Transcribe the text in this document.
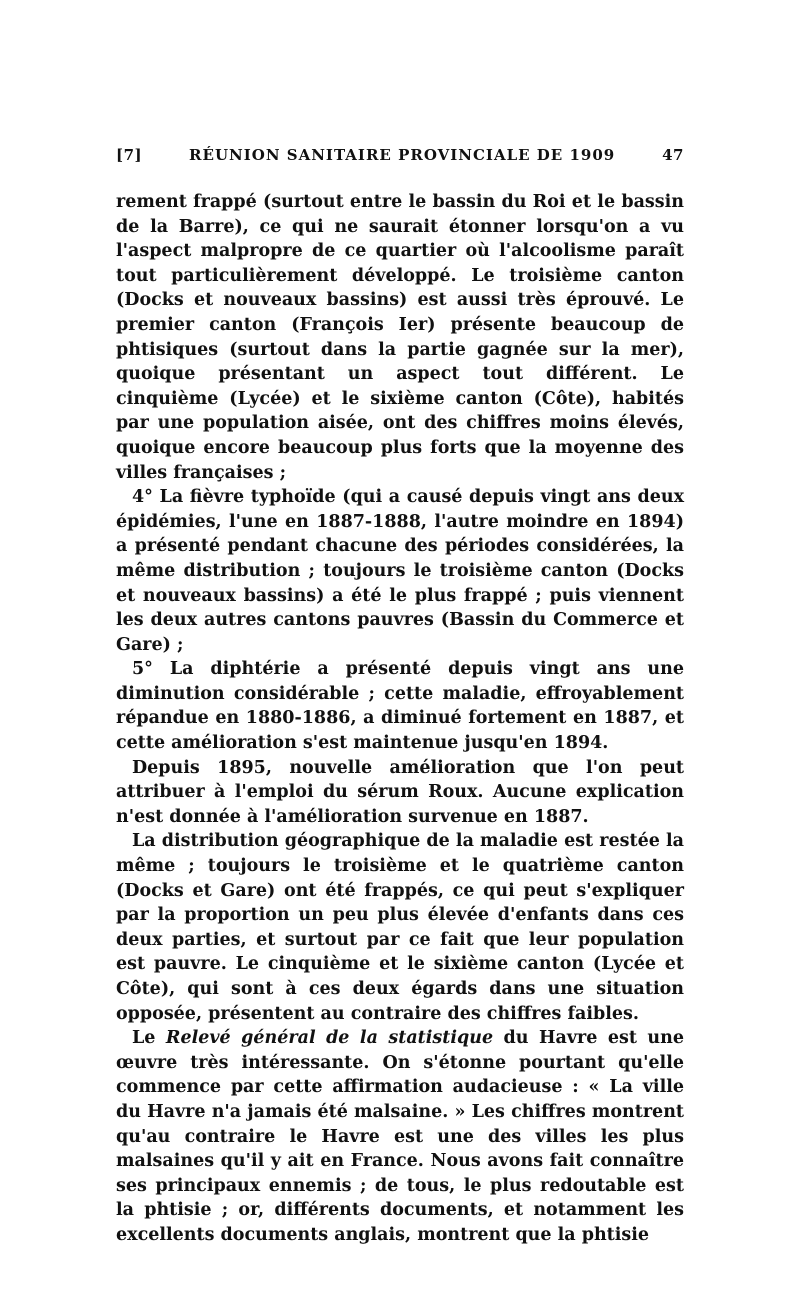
[7]	RÉUNION SANITAIRE PROVINCIALE DE 1909	47

rement frappé (surtout entre le bassin du Roi et le bassin de la Barre), ce qui ne saurait étonner lorsqu'on a vu l'aspect malpropre de ce quartier où l'alcoolisme paraît tout particulièrement développé. Le troisième canton (Docks et nouveaux bassins) est aussi très éprouvé. Le premier canton (François Ier) présente beaucoup de phtisiques (surtout dans la partie gagnée sur la mer), quoique présentant un aspect tout différent. Le cinquième (Lycée) et le sixième canton (Côte), habités par une population aisée, ont des chiffres moins élevés, quoique encore beaucoup plus forts que la moyenne des villes françaises ;

4° La fièvre typhoïde (qui a causé depuis vingt ans deux épidémies, l'une en 1887-1888, l'autre moindre en 1894) a présenté pendant chacune des périodes considérées, la même distribution ; toujours le troisième canton (Docks et nouveaux bassins) a été le plus frappé ; puis viennent les deux autres cantons pauvres (Bassin du Commerce et Gare) ;

5° La diphtérie a présenté depuis vingt ans une diminution considérable ; cette maladie, effroyablement répandue en 1880-1886, a diminué fortement en 1887, et cette amélioration s'est maintenue jusqu'en 1894.

Depuis 1895, nouvelle amélioration que l'on peut attribuer à l'emploi du sérum Roux. Aucune explication n'est donnée à l'amélioration survenue en 1887.

La distribution géographique de la maladie est restée la même ; toujours le troisième et le quatrième canton (Docks et Gare) ont été frappés, ce qui peut s'expliquer par la proportion un peu plus élevée d'enfants dans ces deux parties, et surtout par ce fait que leur population est pauvre. Le cinquième et le sixième canton (Lycée et Côte), qui sont à ces deux égards dans une situation opposée, présentent au contraire des chiffres faibles.

Le Relevé général de la statistique du Havre est une œuvre très intéressante. On s'étonne pourtant qu'elle commence par cette affirmation audacieuse : « La ville du Havre n'a jamais été malsaine. » Les chiffres montrent qu'au contraire le Havre est une des villes les plus malsaines qu'il y ait en France. Nous avons fait connaître ses principaux ennemis ; de tous, le plus redoutable est la phtisie ; or, différents documents, et notamment les excellents documents anglais, montrent que la phtisie
